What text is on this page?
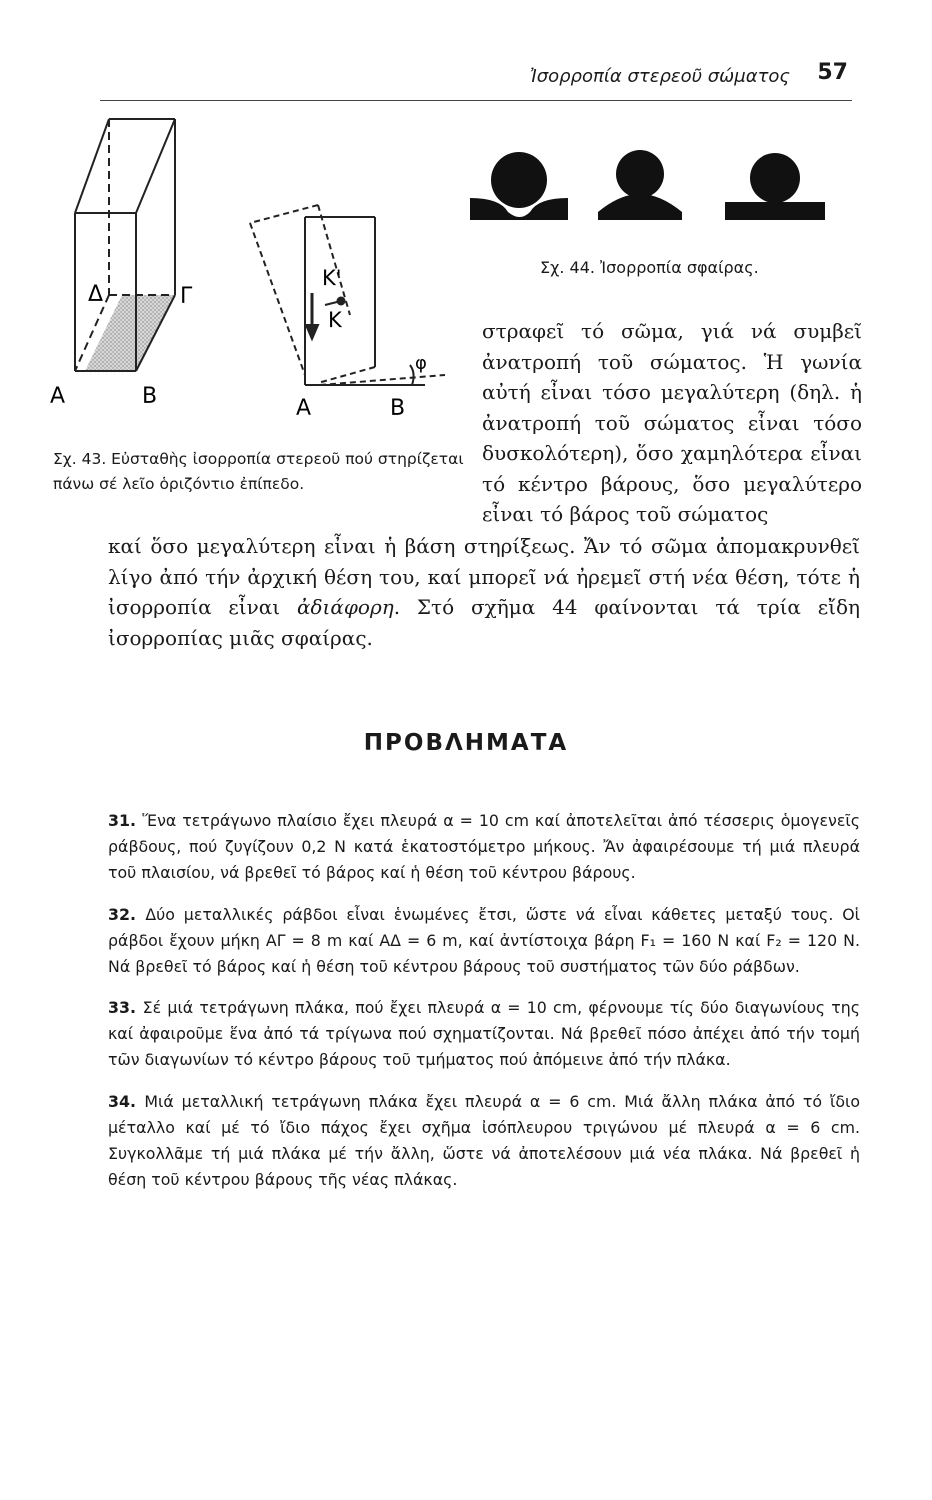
Ἰσορροπία στερεοῦ σώματος 57
Δ	Γ
Α	Β
Κ'
Κ
φ
Α	Β
Σχ. 44. Ἰσορροπία σφαίρας.
Σχ. 43. Εὐσταθὴς ἰσορροπία στερεοῦ πού στηρίζεται πάνω σέ λεῖο ὁριζόντιο ἐπίπεδο.

στραφεῖ τό σῶμα, γιά νά συμβεῖ ἀνατροπή τοῦ σώματος. Ἡ γωνία αὐτή εἶναι τόσο μεγαλύτερη (δηλ. ἡ ἀνατροπή τοῦ σώματος εἶναι τόσο δυσκολότερη), ὅσο χαμηλότερα εἶναι τό κέντρο βάρους, ὅσο μεγαλύτερο εἶναι τό βάρος τοῦ σώματος

καί ὅσο μεγαλύτερη εἶναι ἡ βάση στηρίξεως. Ἄν τό σῶμα ἀπομακρυνθεῖ λίγο ἀπό τήν ἀρχική θέση του, καί μπορεῖ νά ἠρεμεῖ στή νέα θέση, τότε ἡ ἰσορροπία εἶναι ἀδιάφορη. Στό σχῆμα 44 φαίνονται τά τρία εἴδη ἰσορροπίας μιᾶς σφαίρας.

ΠΡΟΒΛΗΜΑΤΑ

31. Ἕνα τετράγωνο πλαίσιο ἔχει πλευρά α = 10 cm καί ἀποτελεῖται ἀπό τέσσερις ὁμογενεῖς ράβδους, πού ζυγίζουν 0,2 Ν κατά ἑκατοστόμετρο μήκους. Ἄν ἀφαιρέσουμε τή μιά πλευρά τοῦ πλαισίου, νά βρεθεῖ τό βάρος καί ἡ θέση τοῦ κέντρου βάρους.

32. Δύο μεταλλικές ράβδοι εἶναι ἑνωμένες ἔτσι, ὥστε νά εἶναι κάθετες μεταξύ τους. Οἱ ράβδοι ἔχουν μήκη ΑΓ = 8 m καί ΑΔ = 6 m, καί ἀντίστοιχα βάρη F₁ = 160 Ν καί F₂ = 120 Ν. Νά βρεθεῖ τό βάρος καί ἡ θέση τοῦ κέντρου βάρους τοῦ συστήματος τῶν δύο ράβδων.

33. Σέ μιά τετράγωνη πλάκα, πού ἔχει πλευρά α = 10 cm, φέρνουμε τίς δύο διαγωνίους της καί ἀφαιροῦμε ἕνα ἀπό τά τρίγωνα πού σχηματίζονται. Νά βρεθεῖ πόσο ἀπέχει ἀπό τήν τομή τῶν διαγωνίων τό κέντρο βάρους τοῦ τμήματος πού ἀπόμεινε ἀπό τήν πλάκα.

34. Μιά μεταλλική τετράγωνη πλάκα ἔχει πλευρά α = 6 cm. Μιά ἄλλη πλάκα ἀπό τό ἴδιο μέταλλο καί μέ τό ἴδιο πάχος ἔχει σχῆμα ἰσόπλευρου τριγώνου μέ πλευρά α = 6 cm. Συγκολλᾶμε τή μιά πλάκα μέ τήν ἄλλη, ὥστε νά ἀποτελέσουν μιά νέα πλάκα. Νά βρεθεῖ ἡ θέση τοῦ κέντρου βάρους τῆς νέας πλάκας.
